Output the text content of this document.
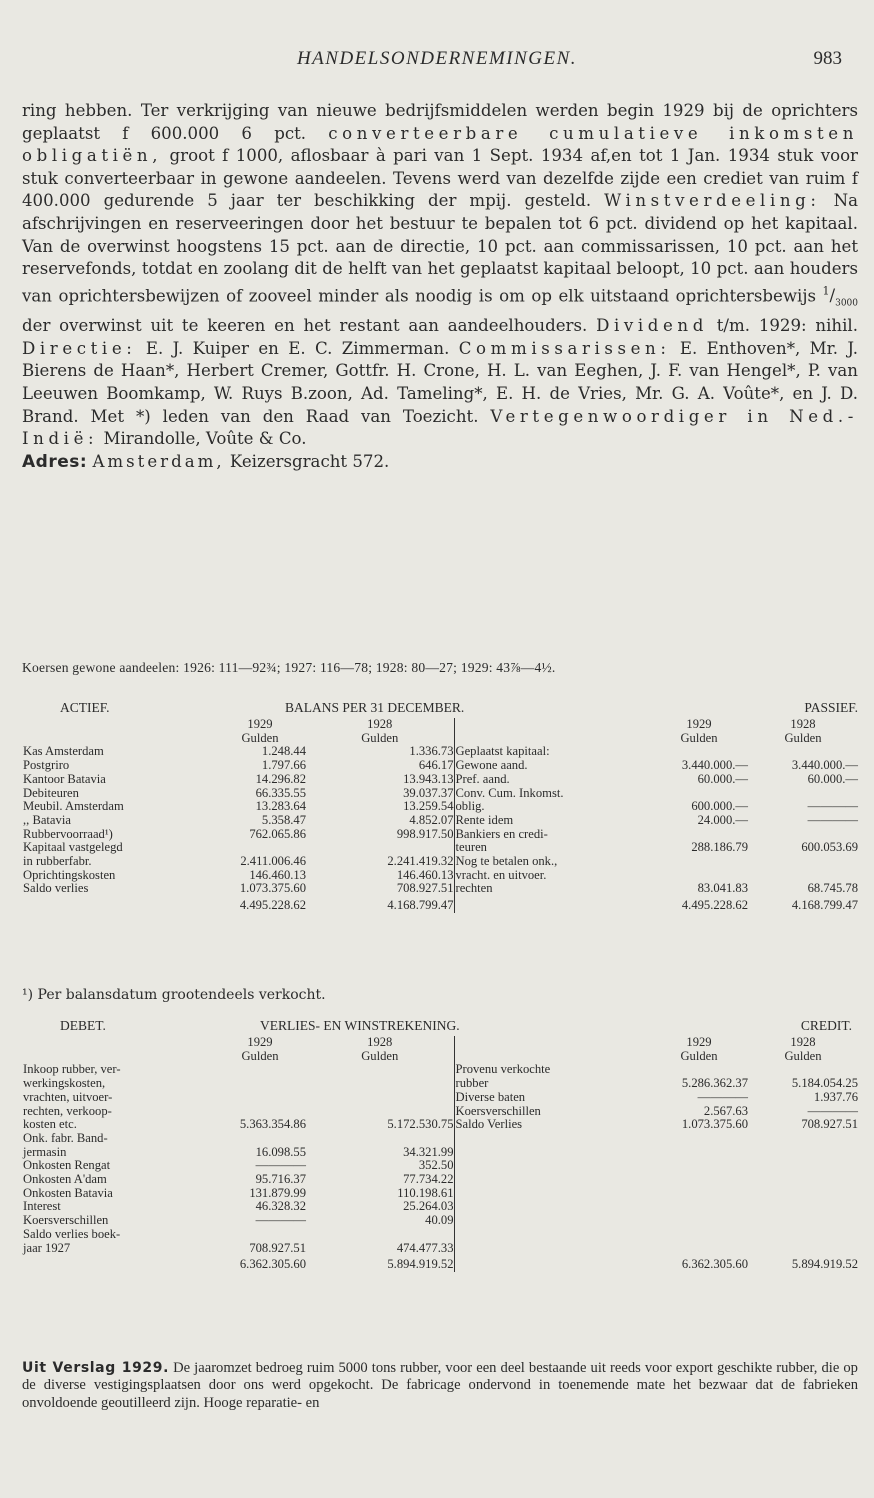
HANDELSONDERNEMINGEN.	983

ring hebben. Ter verkrijging van nieuwe bedrijfsmiddelen werden begin 1929 bij de oprichters geplaatst f 600.000 6 pct. converteerbare cumulatieve inkomsten obligatiën, groot f 1000, aflosbaar à pari van 1 Sept. 1934 af,en tot 1 Jan. 1934 stuk voor stuk converteerbaar in gewone aandeelen. Tevens werd van dezelfde zijde een crediet van ruim f 400.000 gedurende 5 jaar ter beschikking der mpij. gesteld. Winstverdeeling: Na afschrijvingen en reserveeringen door het bestuur te bepalen tot 6 pct. dividend op het kapitaal. Van de overwinst hoogstens 15 pct. aan de directie, 10 pct. aan commissarissen, 10 pct. aan het reservefonds, totdat en zoolang dit de helft van het geplaatst kapitaal beloopt, 10 pct. aan houders van oprichtersbewijzen of zooveel minder als noodig is om op elk uitstaand oprichtersbewijs $^1/_{3000}$ der overwinst uit te keeren en het restant aan aandeelhouders. Dividend t/m. 1929: nihil. Directie: E. J. Kuiper en E. C. Zimmerman. Commissarissen: E. Enthoven*, Mr. J. Bierens de Haan*, Herbert Cremer, Gottfr. H. Crone, H. L. van Eeghen, J. F. van Hengel*, P. van Leeuwen Boomkamp, W. Ruys B.zoon, Ad. Tameling*, E. H. de Vries, Mr. G. A. Voûte*, en J. D. Brand. Met *) leden van den Raad van Toezicht. Vertegenwoordiger in Ned.-Indië: Mirandolle, Voûte & Co.

Adres: Amsterdam, Keizersgracht 572.

Koersen gewone aandeelen: 1926: 111—92¾; 1927: 116—78; 1928: 80—27; 1929: 43⅞—4½.
ACTIEF.	BALANS PER 31 DECEMBER.	PASSIEF.
	1929	1928		1929	1928
	Gulden	Gulden		Gulden	Gulden
Kas Amsterdam	1.248.44	1.336.73	Geplaatst kapitaal:		
Postgriro	1.797.66	646.17	Gewone aand.	3.440.000.—	3.440.000.—
Kantoor Batavia	14.296.82	13.943.13	Pref. aand.	60.000.—	60.000.—
Debiteuren	66.335.55	39.037.37	Conv. Cum. Inkomst.		
Meubil. Amsterdam	13.283.64	13.259.54	oblig.	600.000.—	————
,, Batavia	5.358.47	4.852.07	Rente idem	24.000.—	————
Rubbervoorraad¹)	762.065.86	998.917.50	Bankiers en credi-		
Kapitaal vastgelegd			teuren	288.186.79	600.053.69
in rubberfabr.	2.411.006.46	2.241.419.32	Nog te betalen onk.,		
Oprichtingskosten	146.460.13	146.460.13	vracht. en uitvoer.		
Saldo verlies	1.073.375.60	708.927.51	rechten	83.041.83	68.745.78
	4.495.228.62	4.168.799.47		4.495.228.62	4.168.799.47
¹) Per balansdatum grootendeels verkocht.
DEBET.	VERLIES- EN WINSTREKENING.	CREDIT.
	1929	1928		1929	1928
	Gulden	Gulden		Gulden	Gulden
Inkoop rubber, ver-			Provenu verkochte		
werkingskosten,			rubber	5.286.362.37	5.184.054.25
vrachten, uitvoer-			Diverse baten	————	1.937.76
rechten, verkoop-			Koersverschillen	2.567.63	————
kosten etc.	5.363.354.86	5.172.530.75	Saldo Verlies	1.073.375.60	708.927.51
Onk. fabr. Band-					
jermasin	16.098.55	34.321.99			
Onkosten Rengat	————	352.50			
Onkosten A'dam	95.716.37	77.734.22			
Onkosten Batavia	131.879.99	110.198.61			
Interest	46.328.32	25.264.03			
Koersverschillen	————	40.09			
Saldo verlies boek-					
jaar 1927	708.927.51	474.477.33			
	6.362.305.60	5.894.919.52		6.362.305.60	5.894.919.52

Uit Verslag 1929. De jaaromzet bedroeg ruim 5000 tons rubber, voor een deel bestaande uit reeds voor export geschikte rubber, die op de diverse vestigingsplaatsen door ons werd opgekocht. De fabricage ondervond in toenemende mate het bezwaar dat de fabrieken onvoldoende geoutilleerd zijn. Hooge reparatie- en
